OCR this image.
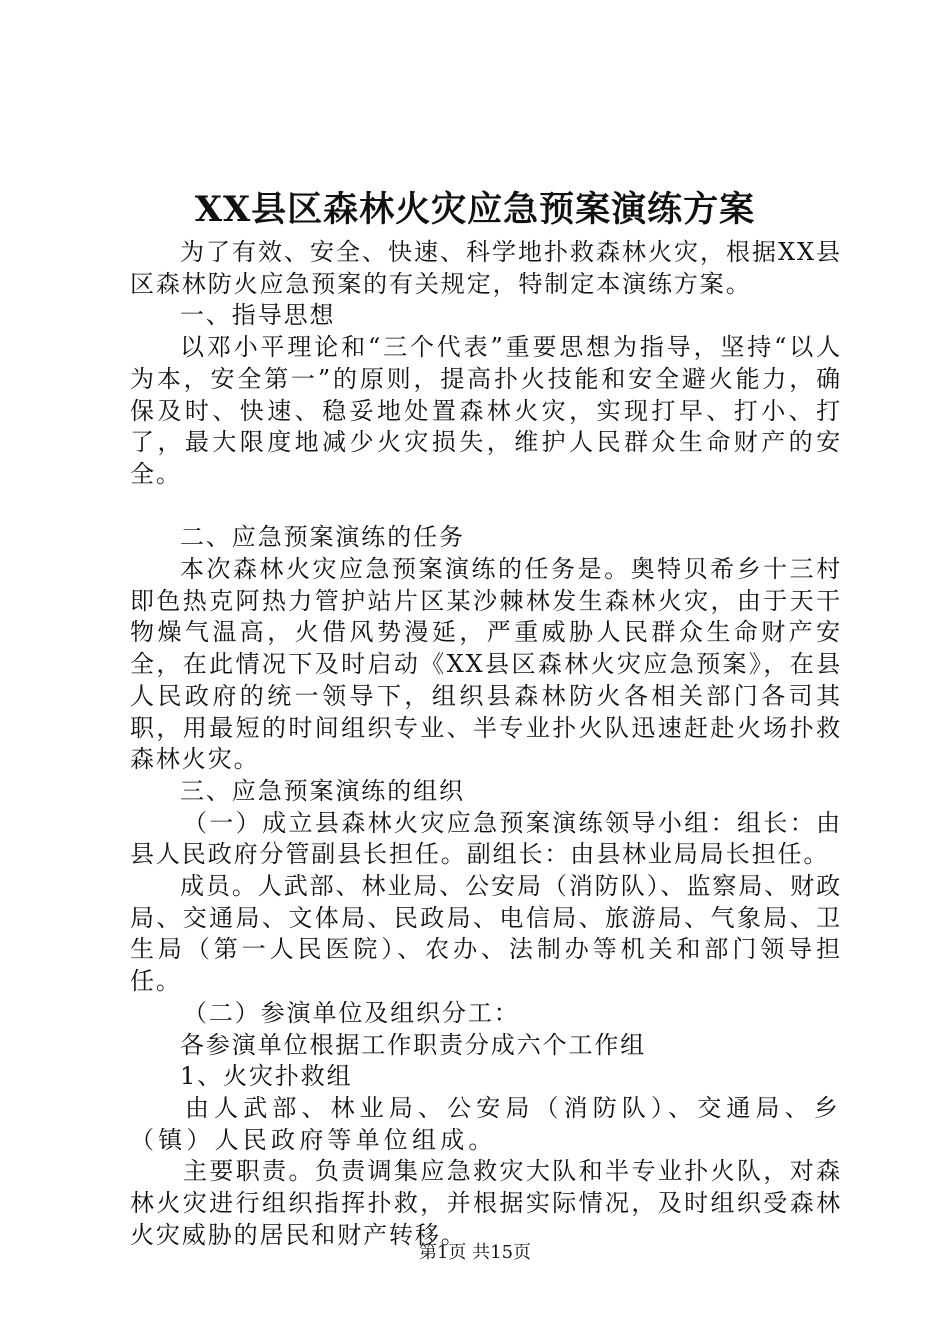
XX县区森林火灾应急预案演练方案

为了有效、安全、快速、科学地扑救森林火灾，根据XX县区森林防火应急预案的有关规定，特制定本演练方案。

一、指导思想

以邓小平理论和“三个代表”重要思想为指导，坚持“以人为本，安全第一”的原则，提高扑火技能和安全避火能力，确保及时、快速、稳妥地处置森林火灾，实现打早、打小、打了，最大限度地减少火灾损失，维护人民群众生命财产的安全。

二、应急预案演练的任务

本次森林火灾应急预案演练的任务是。奥特贝希乡十三村即色热克阿热力管护站片区某沙棘林发生森林火灾，由于天干物燥气温高，火借风势漫延，严重威胁人民群众生命财产安全，在此情况下及时启动《XX县区森林火灾应急预案》，在县人民政府的统一领导下，组织县森林防火各相关部门各司其职，用最短的时间组织专业、半专业扑火队迅速赶赴火场扑救森林火灾。

三、应急预案演练的组织

（一）成立县森林火灾应急预案演练领导小组：组长：由县人民政府分管副县长担任。副组长：由县林业局局长担任。

成员。人武部、林业局、公安局（消防队）、监察局、财政局、交通局、文体局、民政局、电信局、旅游局、气象局、卫生局（第一人民医院）、农办、法制办等机关和部门领导担任。

（二）参演单位及组织分工：

各参演单位根据工作职责分成六个工作组

1、火灾扑救组

由人武部、林业局、公安局（消防队）、交通局、乡（镇）人民政府等单位组成。

主要职责。负责调集应急救灾大队和半专业扑火队，对森林火灾进行组织指挥扑救，并根据实际情况，及时组织受森林火灾威胁的居民和财产转移。

第1页 共15页
